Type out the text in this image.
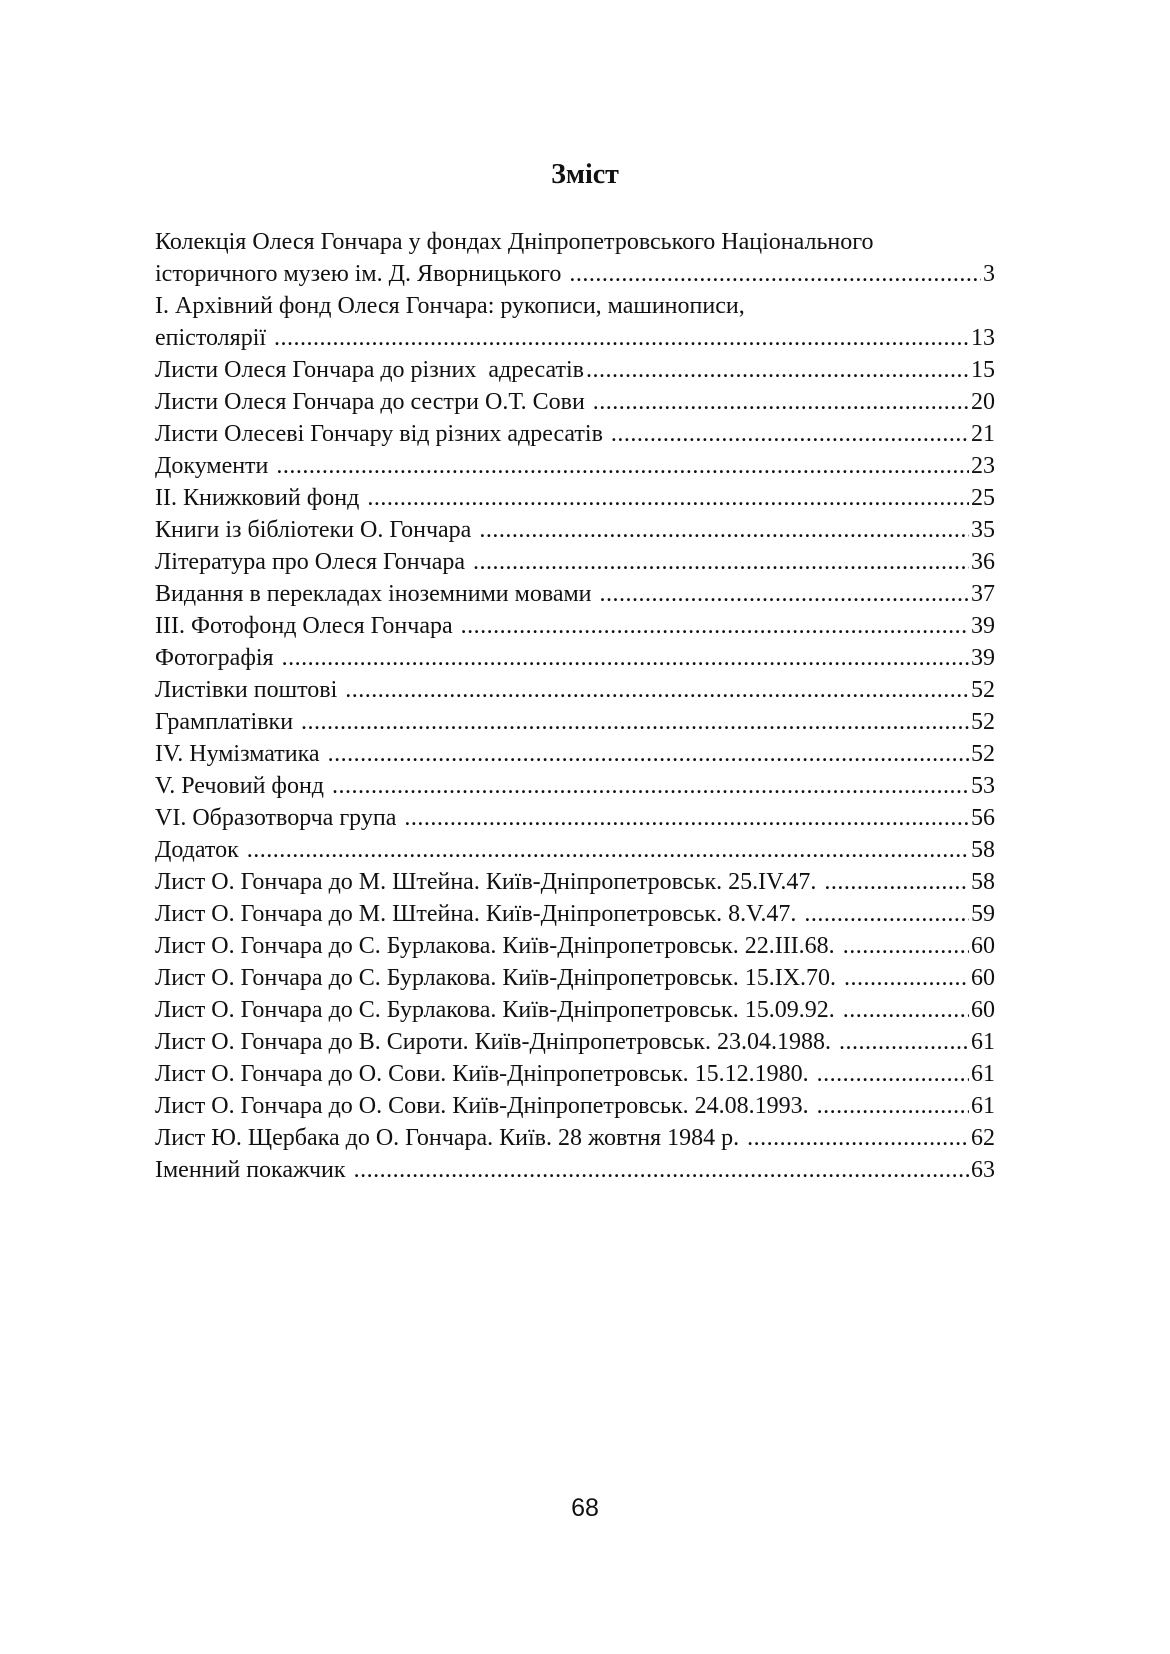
Зміст
Колекція Олеся Гончара у фондах Дніпропетровського Національного
історичного музею ім. Д. Яворницького .....	3
І. Архівний фонд Олеся Гончара: рукописи, машинописи,
епістолярії .....	13
Листи Олеся Гончара до різних  адресатів .....	15
Листи Олеся Гончара до сестри О.Т. Сови .....	20
Листи Олесеві Гончару від різних адресатів .....	21
Документи .....	23
ІІ. Книжковий фонд .....	25
Книги із бібліотеки О. Гончара .....	35
Література про Олеся Гончара .....	36
Видання в перекладах іноземними мовами .....	37
ІІІ. Фотофонд Олеся Гончара .....	39
Фотографія .....	39
Листівки поштові .....	52
Грамплатівки .....	52
IV. Нумізматика .....	52
V. Речовий фонд .....	53
VI. Образотворча група .....	56
Додаток .....	58
Лист О. Гончара до М. Штейна. Київ-Дніпропетровськ. 25.IV.47. .....	58
Лист О. Гончара до М. Штейна. Київ-Дніпропетровськ. 8.V.47. .....	59
Лист О. Гончара до С. Бурлакова. Київ-Дніпропетровськ. 22.ІІІ.68. .....	60
Лист О. Гончара до С. Бурлакова. Київ-Дніпропетровськ. 15.ІХ.70. .....	60
Лист О. Гончара до С. Бурлакова. Київ-Дніпропетровськ. 15.09.92. .....	60
Лист О. Гончара до В. Сироти. Київ-Дніпропетровськ. 23.04.1988. .....	61
Лист О. Гончара до О. Сови. Київ-Дніпропетровськ. 15.12.1980. .....	61
Лист О. Гончара до О. Сови. Київ-Дніпропетровськ. 24.08.1993. .....	61
Лист Ю. Щербака до О. Гончара. Київ. 28 жовтня 1984 р. .....	62
Іменний покажчик .....	63
68
